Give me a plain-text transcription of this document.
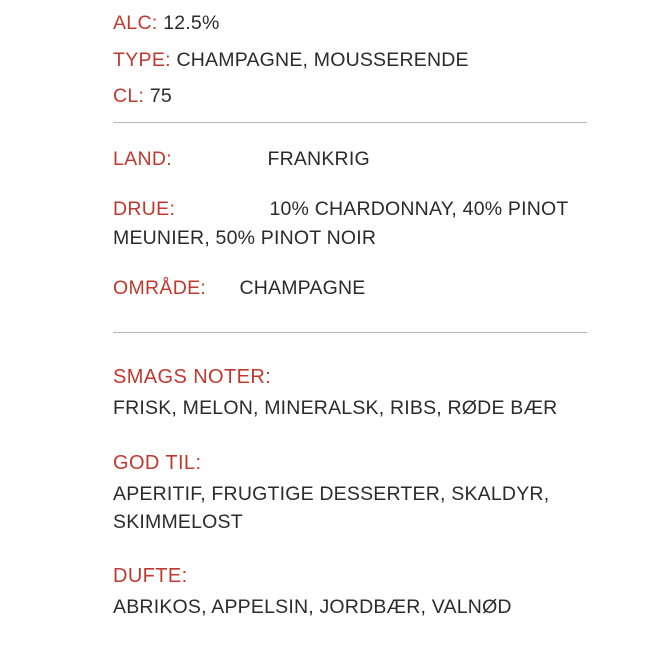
ALC: 12.5%
TYPE: CHAMPAGNE, MOUSSERENDE
CL: 75
LAND:	FRANKRIG
DRUE:	10% CHARDONNAY, 40% PINOT MEUNIER, 50% PINOT NOIR
OMRÅDE: CHAMPAGNE

SMAGS NOTER:

FRISK, MELON, MINERALSK, RIBS, RØDE BÆR

GOD TIL:

APERITIF, FRUGTIGE DESSERTER, SKALDYR, SKIMMELOST

DUFTE:

ABRIKOS, APPELSIN, JORDBÆR, VALNØD
